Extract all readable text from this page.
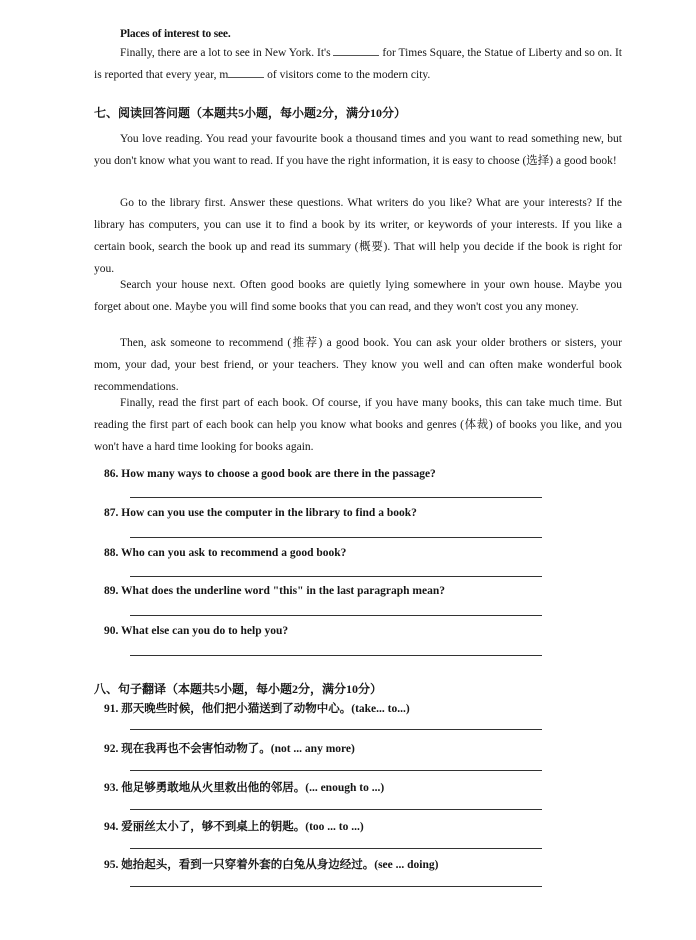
Places of interest to see.

Finally, there are a lot to see in New York. It's	for Times Square, the Statue of Liberty and so on. It is reported that every year, m	of visitors come to the modern city.

七、阅读回答问题（本题共5小题，每小题2分，满分10分）

You love reading. You read your favourite book a thousand times and you want to read something new, but you don't know what you want to read. If you have the right information, it is easy to choose (选择) a good book!

Go to the library first. Answer these questions. What writers do you like? What are your interests? If the library has computers, you can use it to find a book by its writer, or keywords of your interests. If you like a certain book, search the book up and read its summary (概要). That will help you decide if the book is right for you.

Search your house next. Often good books are quietly lying somewhere in your own house. Maybe you forget about one. Maybe you will find some books that you can read, and they won't cost you any money.

Then, ask someone to recommend (推荐) a good book. You can ask your older brothers or sisters, your mom, your dad, your best friend, or your teachers. They know you well and can often make wonderful book recommendations.

Finally, read the first part of each book. Of course, if you have many books, this can take much time. But reading the first part of each book can help you know what books and genres (体裁) of books you like, and you won't have a hard time looking for books again.

86. How many ways to choose a good book are there in the passage?
87. How can you use the computer in the library to find a book?
88. Who can you ask to recommend a good book?
89. What does the underline word "this" in the last paragraph mean?
90. What else can you do to help you?
八、句子翻译（本题共5小题，每小题2分，满分10分）
91. 那天晚些时候，他们把小猫送到了动物中心。(take... to...)
92. 现在我再也不会害怕动物了。(not ... any more)
93. 他足够勇敢地从火里救出他的邻居。(... enough to ...)
94. 爱丽丝太小了，够不到桌上的钥匙。(too ... to ...)
95. 她抬起头，看到一只穿着外套的白兔从身边经过。(see ... doing)
